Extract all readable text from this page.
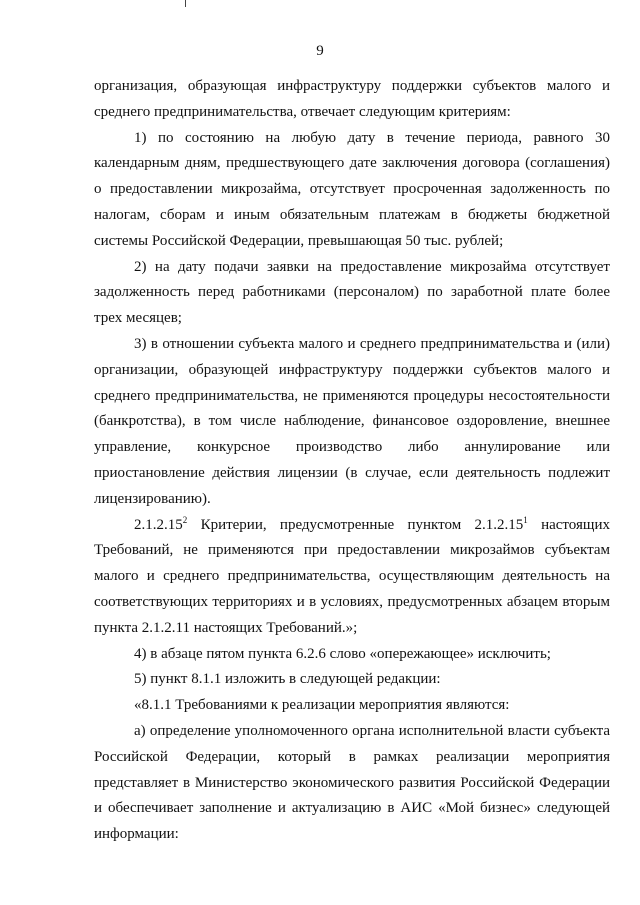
9

организация, образующая инфраструктуру поддержки субъектов малого и среднего предпринимательства, отвечает следующим критериям:

1) по состоянию на любую дату в течение периода, равного 30 календарным дням, предшествующего дате заключения договора (соглашения) о предоставлении микрозайма, отсутствует просроченная задолженность по налогам, сборам и иным обязательным платежам в бюджеты бюджетной системы Российской Федерации, превышающая 50 тыс. рублей;

2) на дату подачи заявки на предоставление микрозайма отсутствует задолженность перед работниками (персоналом) по заработной плате более трех месяцев;

3) в отношении субъекта малого и среднего предпринимательства и (или) организации, образующей инфраструктуру поддержки субъектов малого и среднего предпринимательства, не применяются процедуры несостоятельности (банкротства), в том числе наблюдение, финансовое оздоровление, внешнее управление, конкурсное производство либо аннулирование или приостановление действия лицензии (в случае, если деятельность подлежит лицензированию).

2.1.2.15$^2$ Критерии, предусмотренные пунктом 2.1.2.15$^1$ настоящих Требований, не применяются при предоставлении микрозаймов субъектам малого и среднего предпринимательства, осуществляющим деятельность на соответствующих территориях и в условиях, предусмотренных абзацем вторым пункта 2.1.2.11 настоящих Требований.»;

4) в абзаце пятом пункта 6.2.6 слово «опережающее» исключить;

5) пункт 8.1.1 изложить в следующей редакции:

«8.1.1 Требованиями к реализации мероприятия являются:

а) определение уполномоченного органа исполнительной власти субъекта Российской Федерации, который в рамках реализации мероприятия представляет в Министерство экономического развития Российской Федерации и обеспечивает заполнение и актуализацию в АИС «Мой бизнес» следующей информации:
